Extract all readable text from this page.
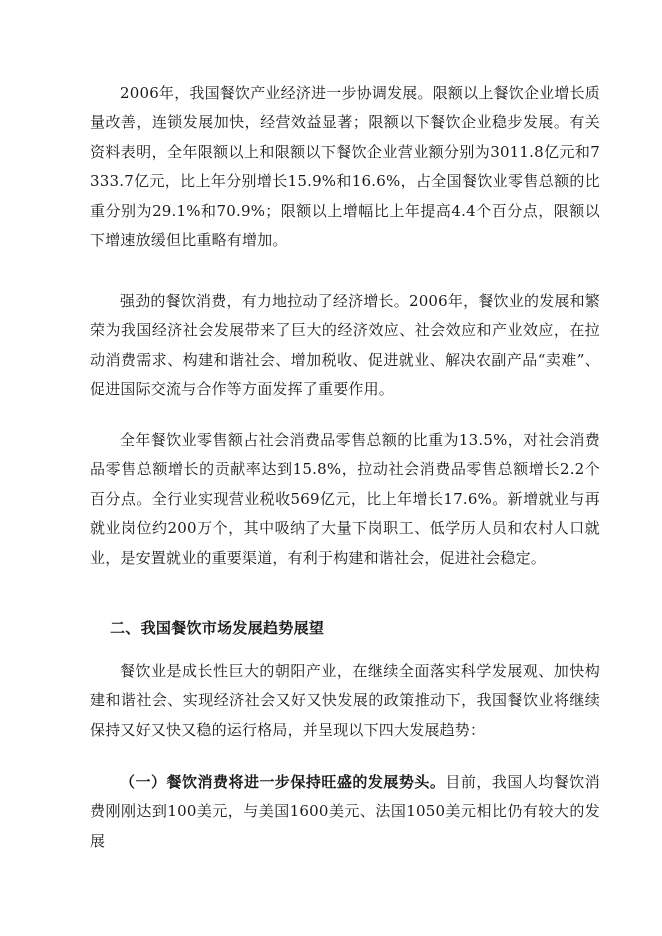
2006年，我国餐饮产业经济进一步协调发展。限额以上餐饮企业增长质量改善，连锁发展加快，经营效益显著；限额以下餐饮企业稳步发展。有关资料表明，全年限额以上和限额以下餐饮企业营业额分别为3011.8亿元和7333.7亿元，比上年分别增长15.9%和16.6%，占全国餐饮业零售总额的比重分别为29.1%和70.9%；限额以上增幅比上年提高4.4个百分点，限额以下增速放缓但比重略有增加。

强劲的餐饮消费，有力地拉动了经济增长。2006年，餐饮业的发展和繁荣为我国经济社会发展带来了巨大的经济效应、社会效应和产业效应，在拉动消费需求、构建和谐社会、增加税收、促进就业、解决农副产品“卖难”、促进国际交流与合作等方面发挥了重要作用。

全年餐饮业零售额占社会消费品零售总额的比重为13.5%，对社会消费品零售总额增长的贡献率达到15.8%，拉动社会消费品零售总额增长2.2个百分点。全行业实现营业税收569亿元，比上年增长17.6%。新增就业与再就业岗位约200万个，其中吸纳了大量下岗职工、低学历人员和农村人口就业，是安置就业的重要渠道，有利于构建和谐社会，促进社会稳定。

二、我国餐饮市场发展趋势展望

餐饮业是成长性巨大的朝阳产业，在继续全面落实科学发展观、加快构建和谐社会、实现经济社会又好又快发展的政策推动下，我国餐饮业将继续保持又好又快又稳的运行格局，并呈现以下四大发展趋势：

（一）餐饮消费将进一步保持旺盛的发展势头。目前，我国人均餐饮消费刚刚达到100美元，与美国1600美元、法国1050美元相比仍有较大的发展
